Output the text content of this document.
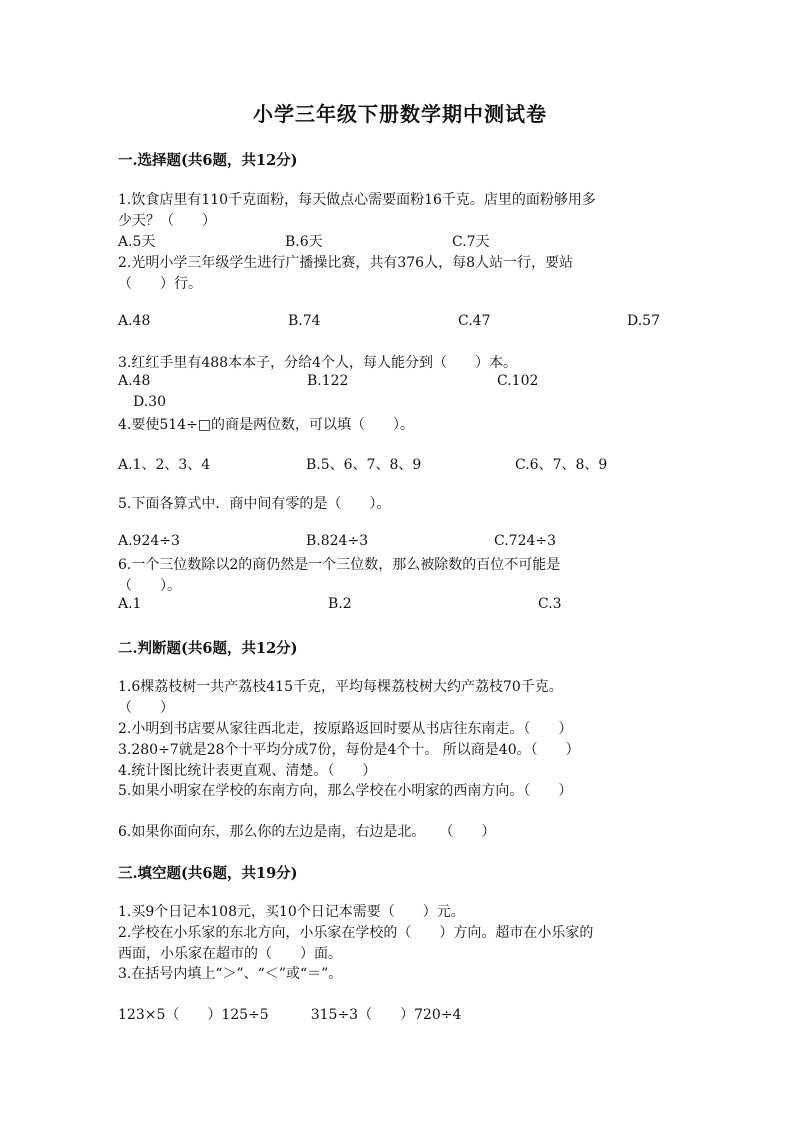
小学三年级下册数学期中测试卷
一.选择题(共6题，共12分)
1.饮食店里有110千克面粉，每天做点心需要面粉16千克。店里的面粉够用多
少天？（　　）
A.5天	B.6天	C.7天
2.光明小学三年级学生进行广播操比赛，共有376人，每8人站一行，要站
（　　）行。
A.48	B.74	C.47	D.57
3.红红手里有488本本子，分给4个人，每人能分到（　　）本。
A.48	B.122	C.102
D.30
4.要使514÷□的商是两位数，可以填（　　）。
A.1、2、3、4	B.5、6、7、8、9	C.6、7、8、9
5.下面各算式中．商中间有零的是（　　）。
A.924÷3	B.824÷3	C.724÷3
6.一个三位数除以2的商仍然是一个三位数，那么被除数的百位不可能是
（　　）。
A.1	B.2	C.3
二.判断题(共6题，共12分)
1.6棵荔枝树一共产荔枝415千克，平均每棵荔枝树大约产荔枝70千克。
（　　）
2.小明到书店要从家往西北走，按原路返回时要从书店往东南走。（　　）
3.280÷7就是28个十平均分成7份，每份是4个十。 所以商是40。（　　）
4.统计图比统计表更直观、清楚。（　　）
5.如果小明家在学校的东南方向，那么学校在小明家的西南方向。（　　）
6.如果你面向东，那么你的左边是南，右边是北。　　（　　）
三.填空题(共6题，共19分)
1.买9个日记本108元，买10个日记本需要（　　）元。
2.学校在小乐家的东北方向，小乐家在学校的（　　）方向。超市在小乐家的
西面，小乐家在超市的（　　）面。
3.在括号内填上“＞”、“＜”或“＝”。
123×5（　　）125÷5　　　315÷3（　　）720÷4
